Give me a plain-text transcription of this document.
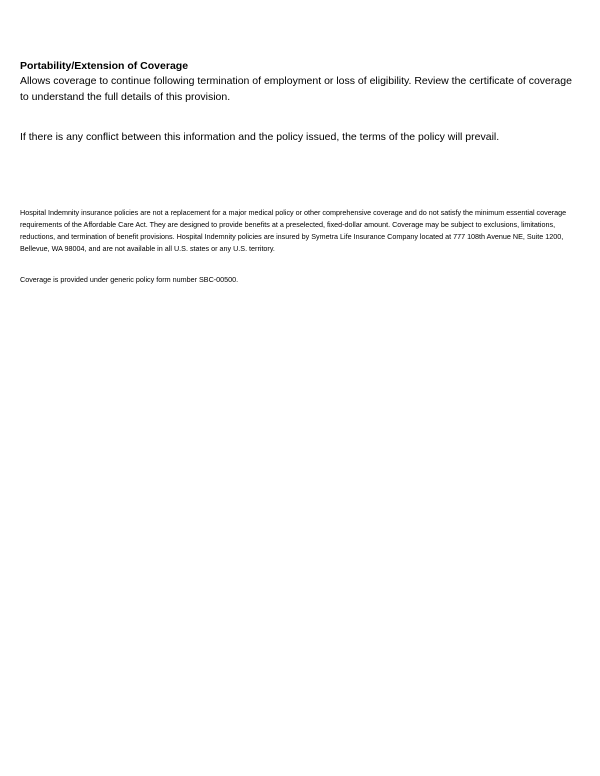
Portability/Extension of Coverage

Allows coverage to continue following termination of employment or loss of eligibility. Review the certificate of coverage to understand the full details of this provision.

If there is any conflict between this information and the policy issued, the terms of the policy will prevail.

Hospital Indemnity insurance policies are not a replacement for a major medical policy or other comprehensive coverage and do not satisfy the minimum essential coverage requirements of the Affordable Care Act. They are designed to provide benefits at a preselected, fixed-dollar amount. Coverage may be subject to exclusions, limitations, reductions, and termination of benefit provisions. Hospital Indemnity policies are insured by Symetra Life Insurance Company located at 777 108th Avenue NE, Suite 1200, Bellevue, WA 98004, and are not available in all U.S. states or any U.S. territory.

Coverage is provided under generic policy form number SBC-00500.
